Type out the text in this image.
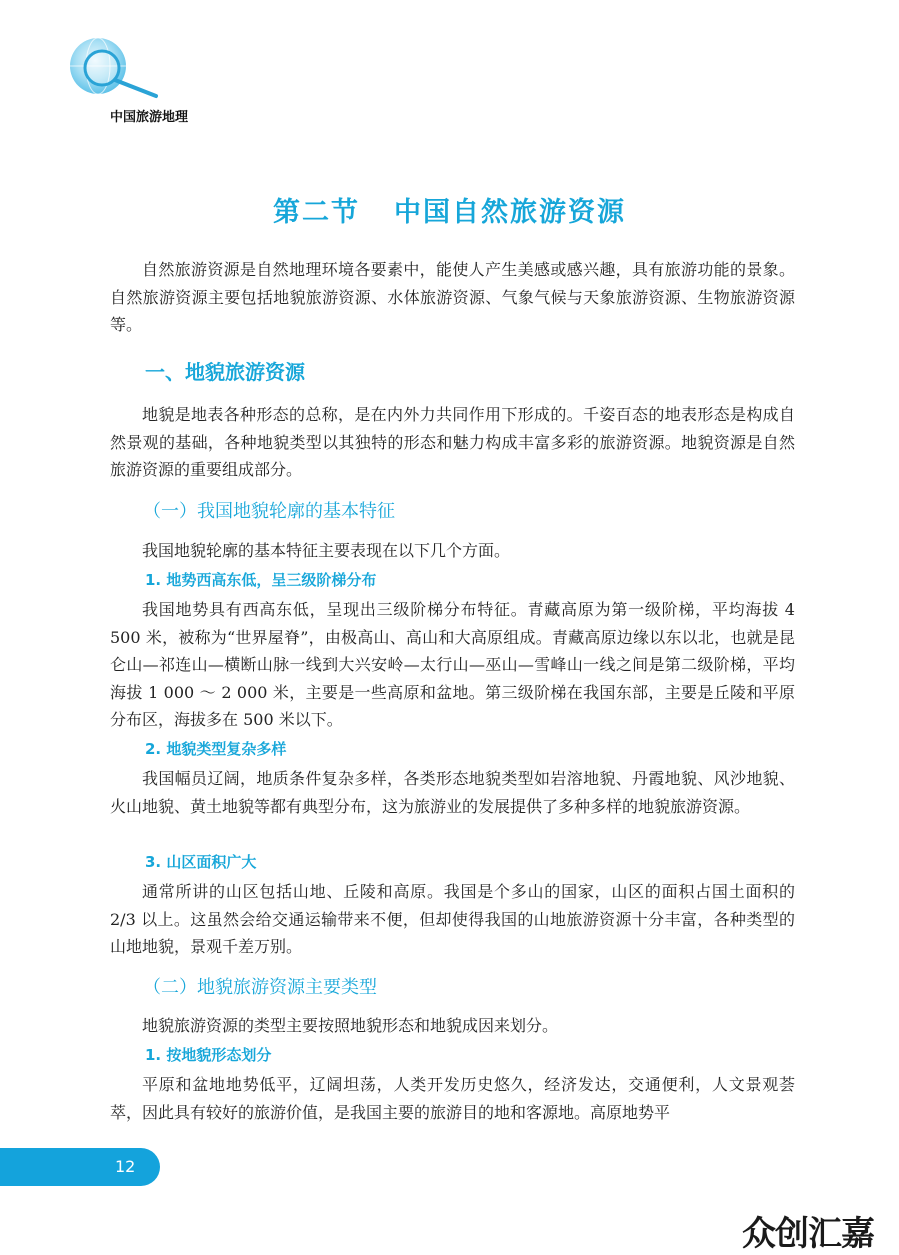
中国旅游地理
第二节 中国自然旅游资源

自然旅游资源是自然地理环境各要素中，能使人产生美感或感兴趣，具有旅游功能的景象。自然旅游资源主要包括地貌旅游资源、水体旅游资源、气象气候与天象旅游资源、生物旅游资源等。

一、地貌旅游资源

地貌是地表各种形态的总称，是在内外力共同作用下形成的。千姿百态的地表形态是构成自然景观的基础，各种地貌类型以其独特的形态和魅力构成丰富多彩的旅游资源。地貌资源是自然旅游资源的重要组成部分。

（一）我国地貌轮廓的基本特征

我国地貌轮廓的基本特征主要表现在以下几个方面。

1. 地势西高东低，呈三级阶梯分布

我国地势具有西高东低，呈现出三级阶梯分布特征。青藏高原为第一级阶梯，平均海拔 4 500 米，被称为“世界屋脊”，由极高山、高山和大高原组成。青藏高原边缘以东以北，也就是昆仑山—祁连山—横断山脉一线到大兴安岭—太行山—巫山—雪峰山一线之间是第二级阶梯，平均海拔 1 000 ～ 2 000 米，主要是一些高原和盆地。第三级阶梯在我国东部，主要是丘陵和平原分布区，海拔多在 500 米以下。

2. 地貌类型复杂多样

我国幅员辽阔，地质条件复杂多样，各类形态地貌类型如岩溶地貌、丹霞地貌、风沙地貌、火山地貌、黄土地貌等都有典型分布，这为旅游业的发展提供了多种多样的地貌旅游资源。

3. 山区面积广大

通常所讲的山区包括山地、丘陵和高原。我国是个多山的国家，山区的面积占国土面积的 2/3 以上。这虽然会给交通运输带来不便，但却使得我国的山地旅游资源十分丰富，各种类型的山地地貌，景观千差万别。

（二）地貌旅游资源主要类型

地貌旅游资源的类型主要按照地貌形态和地貌成因来划分。

1. 按地貌形态划分

平原和盆地地势低平，辽阔坦荡，人类开发历史悠久，经济发达，交通便利，人文景观荟萃，因此具有较好的旅游价值，是我国主要的旅游目的地和客源地。高原地势平

12
众创汇嘉
